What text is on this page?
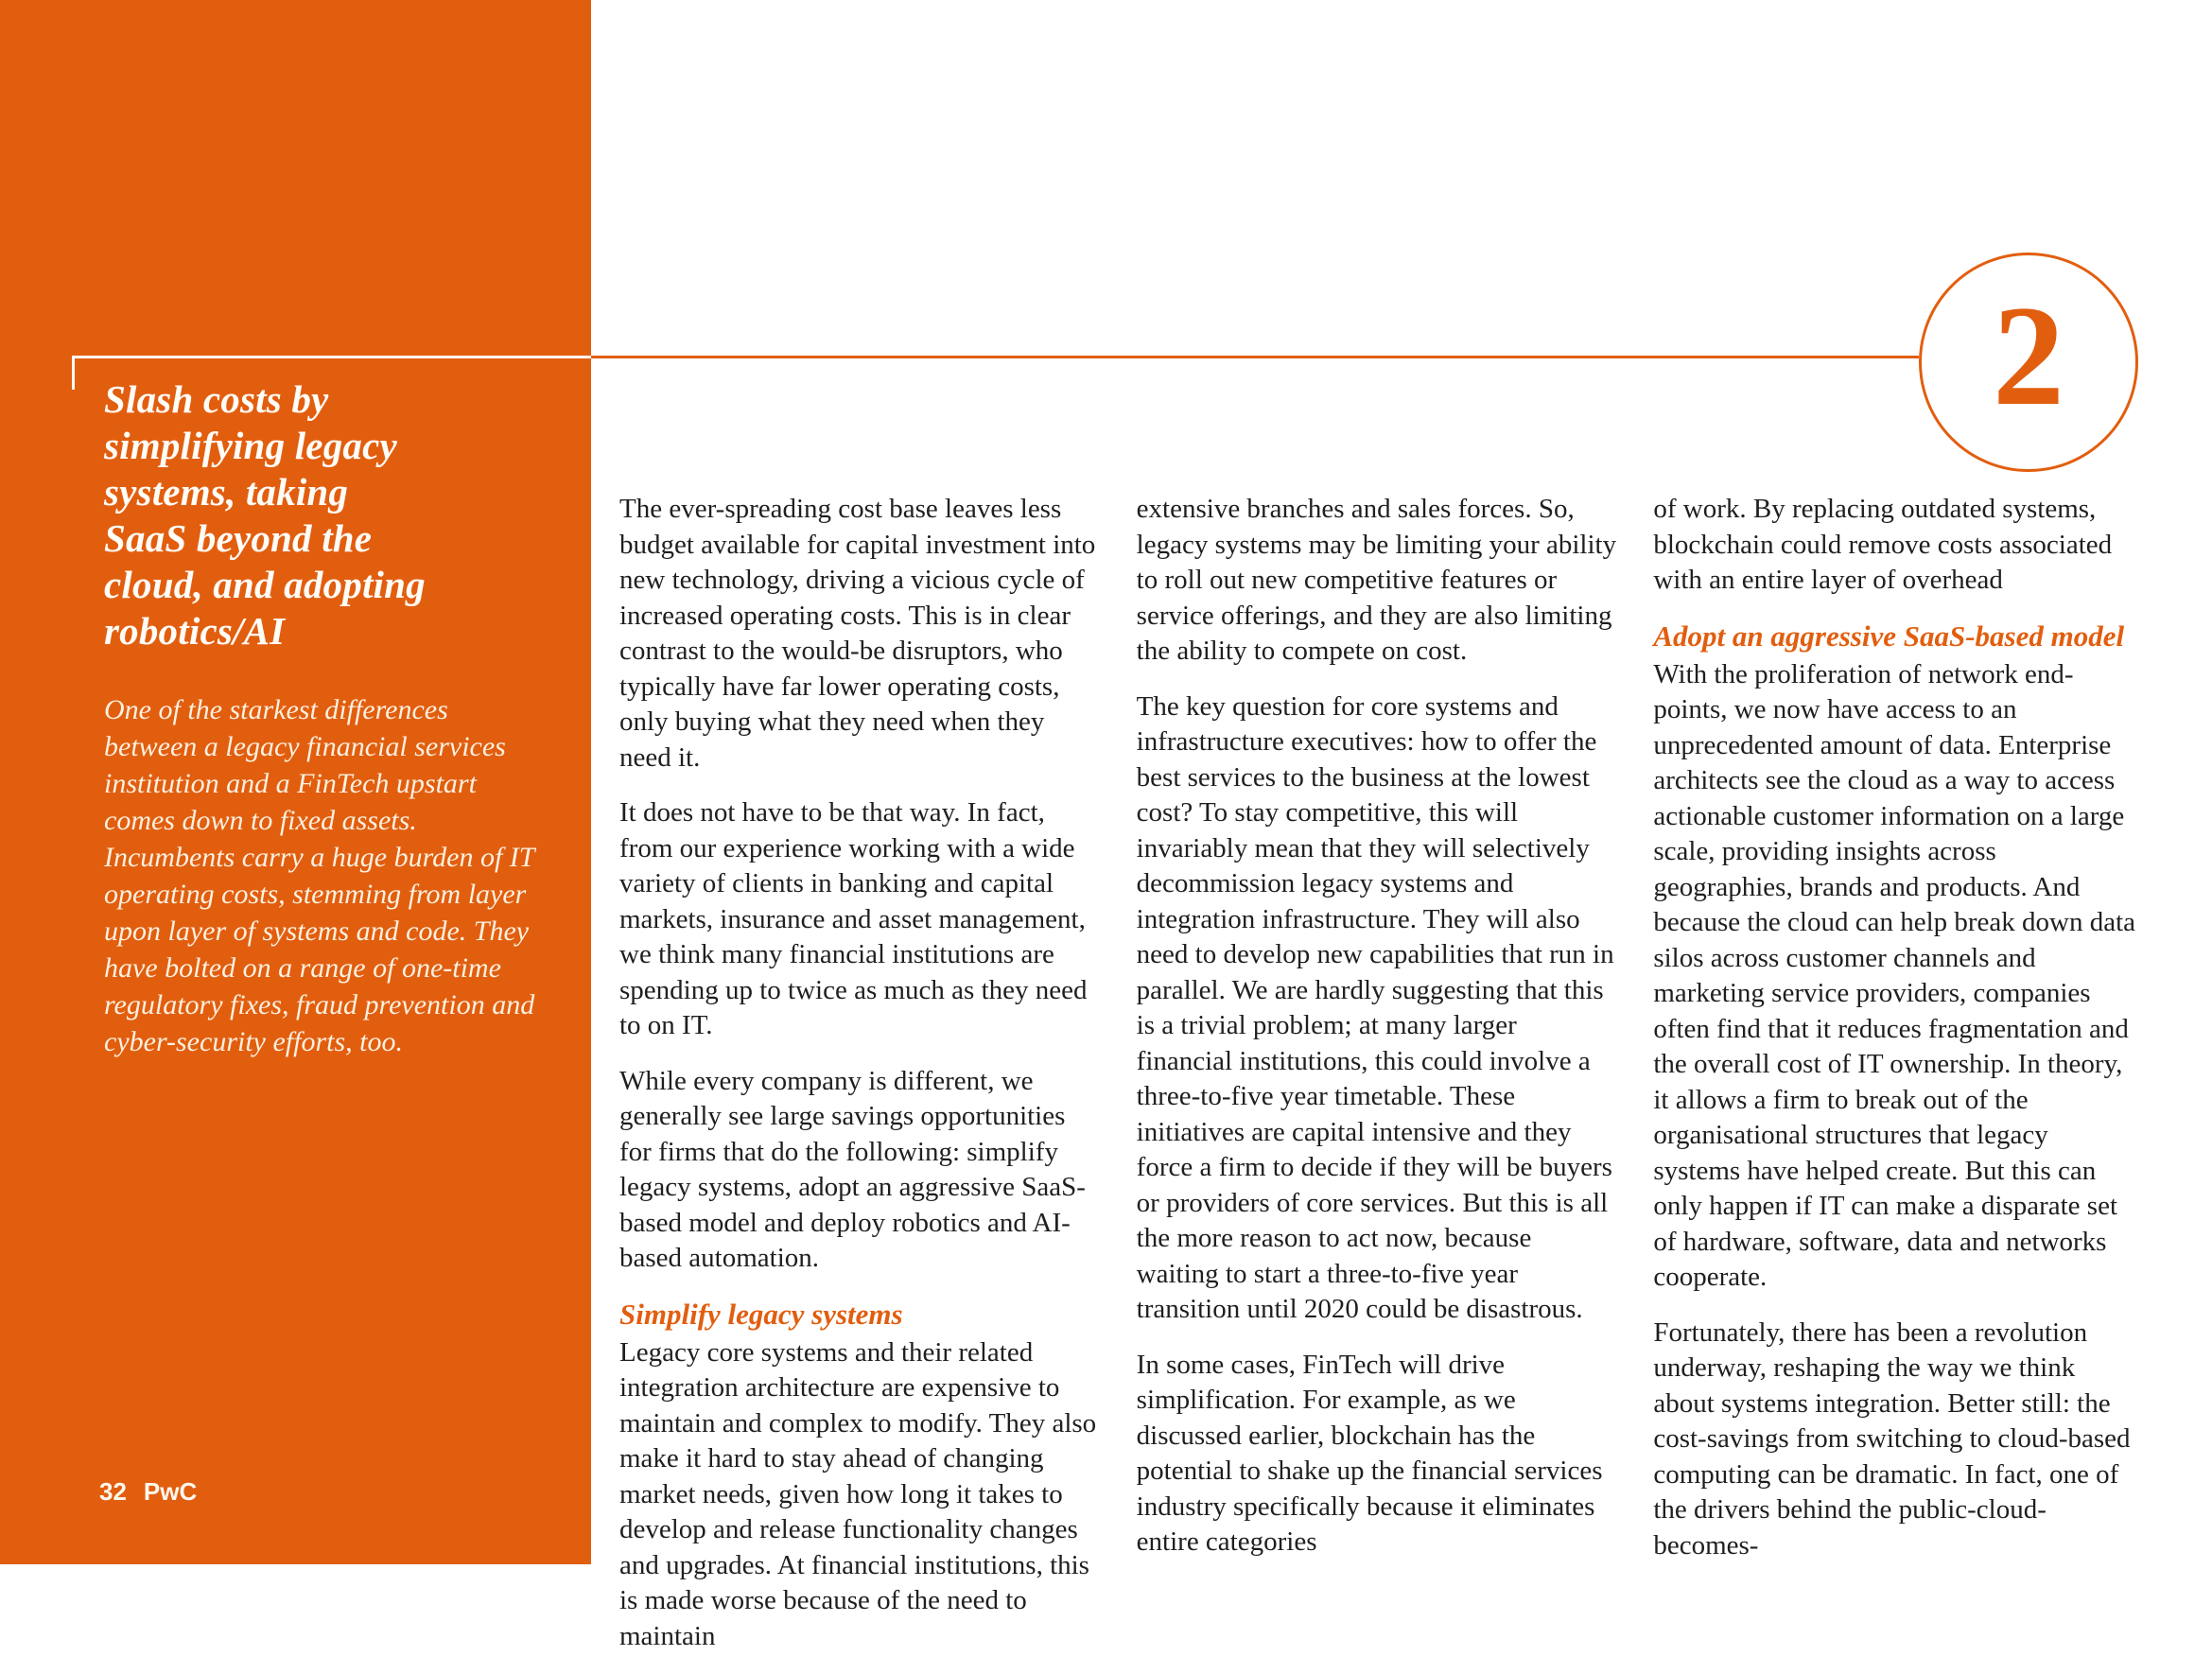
Slash costs by
simplifying legacy
systems, taking
SaaS beyond the
cloud, and adopting
robotics/AI
One of the starkest differences between a legacy financial services institution and a FinTech upstart comes down to fixed assets. Incumbents carry a huge burden of IT operating costs, stemming from layer upon layer of systems and code. They have bolted on a range of one-time regulatory fixes, fraud prevention and cyber-security efforts, too.
32 PwC
2

The ever-spreading cost base leaves less budget available for capital investment into new technology, driving a vicious cycle of increased operating costs. This is in clear contrast to the would-be disruptors, who typically have far lower operating costs, only buying what they need when they need it.

It does not have to be that way. In fact, from our experience working with a wide variety of clients in banking and capital markets, insurance and asset management, we think many financial institutions are spending up to twice as much as they need to on IT.

While every company is different, we generally see large savings opportunities for firms that do the following: simplify legacy systems, adopt an aggressive SaaS-based model and deploy robotics and AI-based automation.

Simplify legacy systems

Legacy core systems and their related integration architecture are expensive to maintain and complex to modify. They also make it hard to stay ahead of changing market needs, given how long it takes to develop and release functionality changes and upgrades. At financial institutions, this is made worse because of the need to maintain

extensive branches and sales forces. So, legacy systems may be limiting your ability to roll out new competitive features or service offerings, and they are also limiting the ability to compete on cost.

The key question for core systems and infrastructure executives: how to offer the best services to the business at the lowest cost? To stay competitive, this will invariably mean that they will selectively decommission legacy systems and integration infrastructure. They will also need to develop new capabilities that run in parallel. We are hardly suggesting that this is a trivial problem; at many larger financial institutions, this could involve a three-to-five year timetable. These initiatives are capital intensive and they force a firm to decide if they will be buyers or providers of core services. But this is all the more reason to act now, because waiting to start a three-to-five year transition until 2020 could be disastrous.

In some cases, FinTech will drive simplification. For example, as we discussed earlier, blockchain has the potential to shake up the financial services industry specifically because it eliminates entire categories

of work. By replacing outdated systems, blockchain could remove costs associated with an entire layer of overhead

Adopt an aggressive SaaS-based model

With the proliferation of network end-points, we now have access to an unprecedented amount of data. Enterprise architects see the cloud as a way to access actionable customer information on a large scale, providing insights across geographies, brands and products. And because the cloud can help break down data silos across customer channels and marketing service providers, companies often find that it reduces fragmentation and the overall cost of IT ownership. In theory, it allows a firm to break out of the organisational structures that legacy systems have helped create. But this can only happen if IT can make a disparate set of hardware, software, data and networks cooperate.

Fortunately, there has been a revolution underway, reshaping the way we think about systems integration. Better still: the cost-savings from switching to cloud-based computing can be dramatic. In fact, one of the drivers behind the public-cloud-becomes-
